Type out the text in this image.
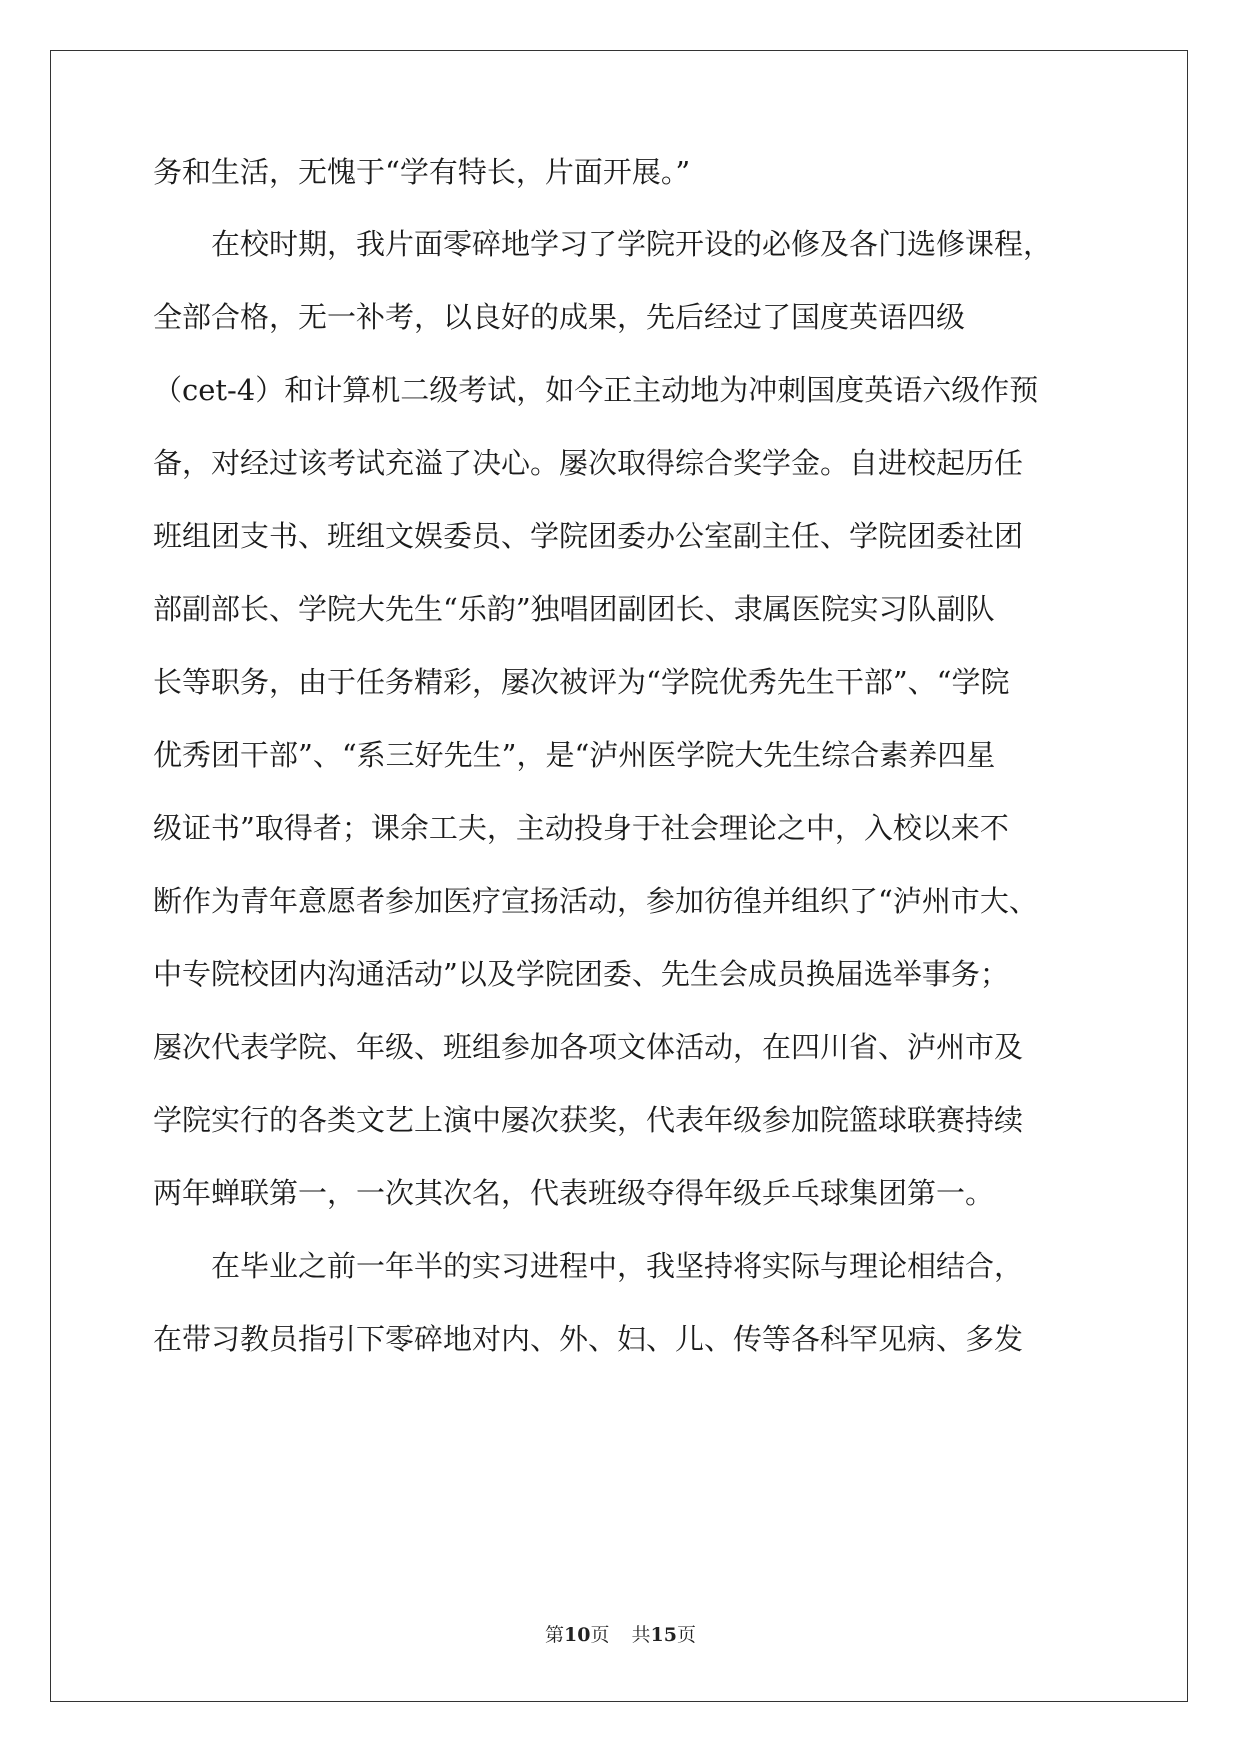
务和生活，无愧于“学有特长，片面开展。”
　　在校时期，我片面零碎地学习了学院开设的必修及各门选修课程，
全部合格，无一补考，以良好的成果，先后经过了国度英语四级
（cet-4）和计算机二级考试，如今正主动地为冲刺国度英语六级作预
备，对经过该考试充溢了决心。屡次取得综合奖学金。自进校起历任
班组团支书、班组文娱委员、学院团委办公室副主任、学院团委社团
部副部长、学院大先生“乐韵”独唱团副团长、隶属医院实习队副队
长等职务，由于任务精彩，屡次被评为“学院优秀先生干部”、“学院
优秀团干部”、“系三好先生”，是“泸州医学院大先生综合素养四星
级证书”取得者；课余工夫，主动投身于社会理论之中，入校以来不
断作为青年意愿者参加医疗宣扬活动，参加彷徨并组织了“泸州市大、
中专院校团内沟通活动”以及学院团委、先生会成员换届选举事务；
屡次代表学院、年级、班组参加各项文体活动，在四川省、泸州市及
学院实行的各类文艺上演中屡次获奖，代表年级参加院篮球联赛持续
两年蝉联第一，一次其次名，代表班级夺得年级乒乓球集团第一。
　　在毕业之前一年半的实习进程中，我坚持将实际与理论相结合，
在带习教员指引下零碎地对内、外、妇、儿、传等各科罕见病、多发
第10页 共15页
